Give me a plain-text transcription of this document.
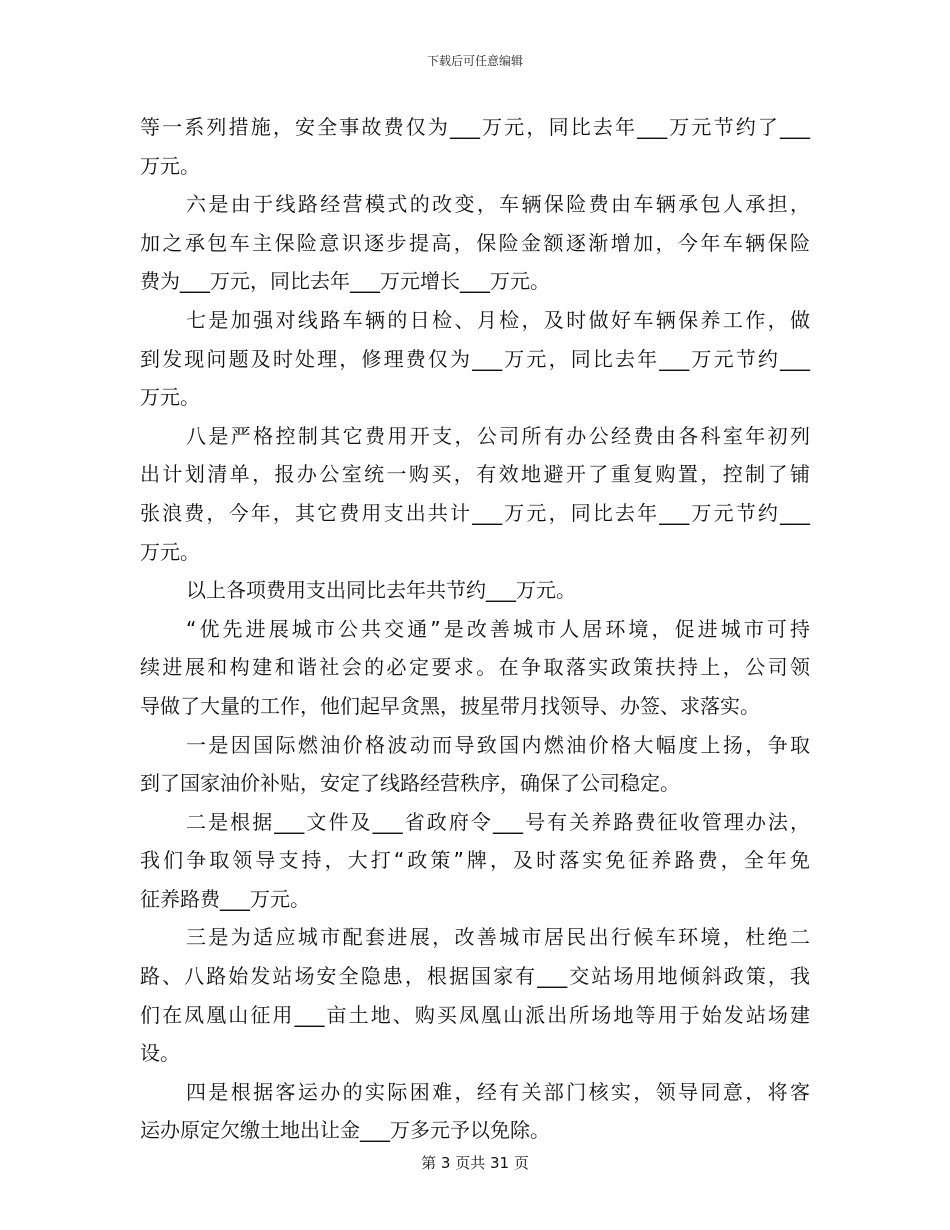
下载后可任意编辑
等一系列措施，安全事故费仅为___万元，同比去年___万元节约了___
万元。
六是由于线路经营模式的改变，车辆保险费由车辆承包人承担，
加之承包车主保险意识逐步提高，保险金额逐渐增加，今年车辆保险
费为___万元，同比去年___万元增长___万元。
七是加强对线路车辆的日检、月检，及时做好车辆保养工作，做
到发现问题及时处理，修理费仅为___万元，同比去年___万元节约___
万元。
八是严格控制其它费用开支，公司所有办公经费由各科室年初列
出计划清单，报办公室统一购买，有效地避开了重复购置，控制了铺
张浪费，今年，其它费用支出共计___万元，同比去年___万元节约___
万元。
以上各项费用支出同比去年共节约___万元。
“优先进展城市公共交通”是改善城市人居环境，促进城市可持
续进展和构建和谐社会的必定要求。在争取落实政策扶持上，公司领
导做了大量的工作，他们起早贪黑，披星带月找领导、办签、求落实。
一是因国际燃油价格波动而导致国内燃油价格大幅度上扬，争取
到了国家油价补贴，安定了线路经营秩序，确保了公司稳定。
二是根据___文件及___省政府令___号有关养路费征收管理办法，
我们争取领导支持，大打“政策”牌，及时落实免征养路费，全年免
征养路费___万元。
三是为适应城市配套进展，改善城市居民出行候车环境，杜绝二
路、八路始发站场安全隐患，根据国家有___交站场用地倾斜政策，我
们在凤凰山征用___亩土地、购买凤凰山派出所场地等用于始发站场建
设。
四是根据客运办的实际困难，经有关部门核实，领导同意，将客
运办原定欠缴土地出让金___万多元予以免除。
第 3 页共 31 页
